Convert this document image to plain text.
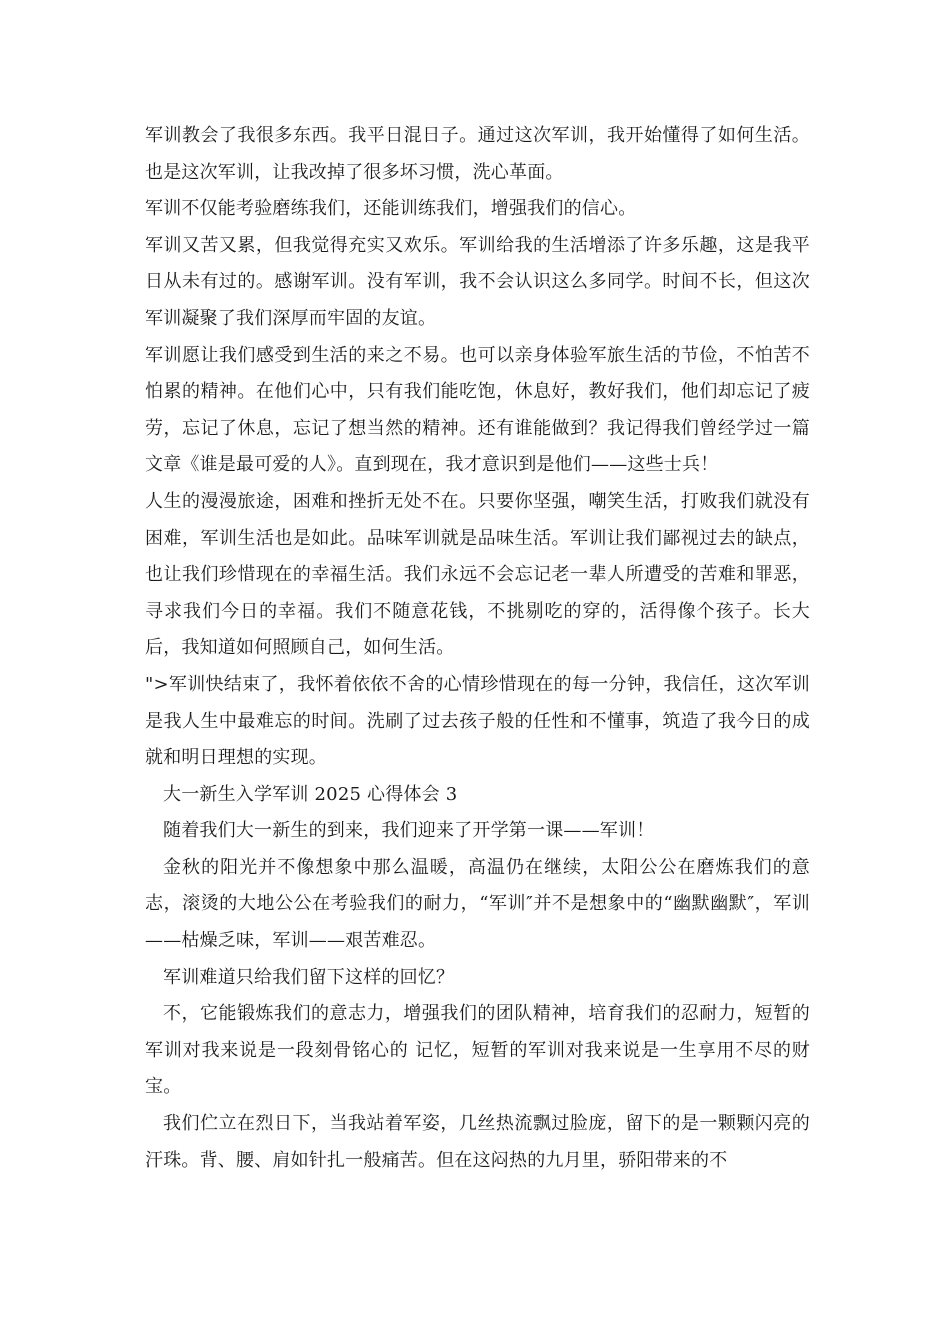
军训教会了我很多东西。我平日混日子。通过这次军训，我开始懂得了如何生活。也是这次军训，让我改掉了很多坏习惯，洗心革面。

军训不仅能考验磨练我们，还能训练我们，增强我们的信心。

军训又苦又累，但我觉得充实又欢乐。军训给我的生活增添了许多乐趣，这是我平日从未有过的。感谢军训。没有军训，我不会认识这么多同学。时间不长，但这次军训凝聚了我们深厚而牢固的友谊。

军训愿让我们感受到生活的来之不易。也可以亲身体验军旅生活的节俭，不怕苦不怕累的精神。在他们心中，只有我们能吃饱，休息好，教好我们，他们却忘记了疲劳，忘记了休息，忘记了想当然的精神。还有谁能做到？我记得我们曾经学过一篇文章《谁是最可爱的人》。直到现在，我才意识到是他们——这些士兵！

人生的漫漫旅途，困难和挫折无处不在。只要你坚强，嘲笑生活，打败我们就没有困难，军训生活也是如此。品味军训就是品味生活。军训让我们鄙视过去的缺点，也让我们珍惜现在的幸福生活。我们永远不会忘记老一辈人所遭受的苦难和罪恶，寻求我们今日的幸福。我们不随意花钱，不挑剔吃的穿的，活得像个孩子。长大后，我知道如何照顾自己，如何生活。

">军训快结束了，我怀着依依不舍的心情珍惜现在的每一分钟，我信任，这次军训是我人生中最难忘的时间。洗刷了过去孩子般的任性和不懂事，筑造了我今日的成就和明日理想的实现。

大一新生入学军训 2025 心得体会 3

随着我们大一新生的到来，我们迎来了开学第一课——军训！

金秋的阳光并不像想象中那么温暖，高温仍在继续，太阳公公在磨炼我们的意志，滚烫的大地公公在考验我们的耐力，“军训″并不是想象中的“幽默幽默″，军训——枯燥乏味，军训——艰苦难忍。

军训难道只给我们留下这样的回忆？

不，它能锻炼我们的意志力，增强我们的团队精神，培育我们的忍耐力，短暂的军训对我来说是一段刻骨铭心的 记忆，短暂的军训对我来说是一生享用不尽的财宝。

我们伫立在烈日下，当我站着军姿，几丝热流飘过脸庞，留下的是一颗颗闪亮的汗珠。背、腰、肩如针扎一般痛苦。但在这闷热的九月里，骄阳带来的不
